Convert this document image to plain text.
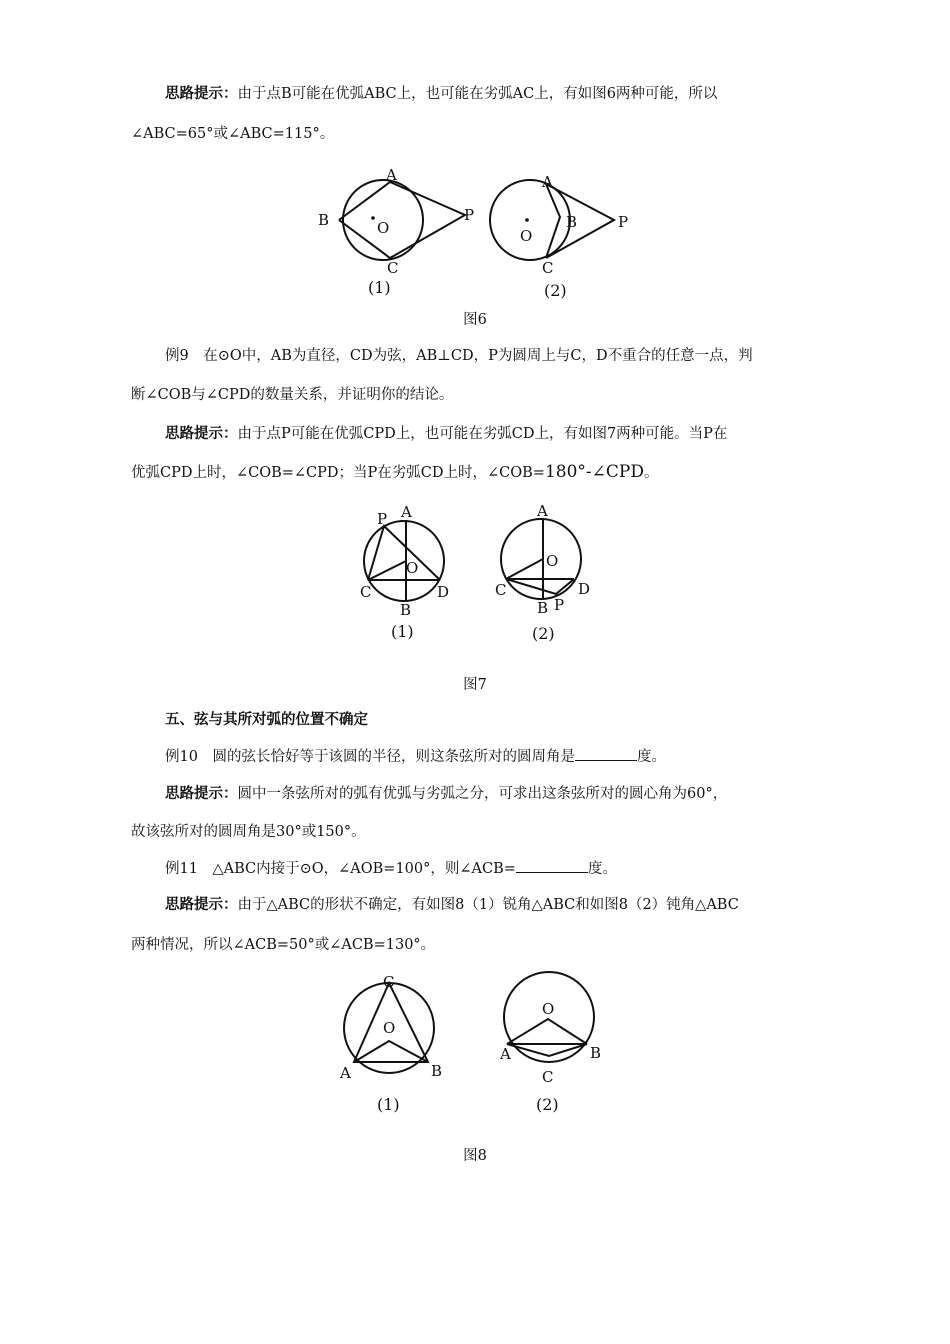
思路提示：由于点B可能在优弧ABC上，也可能在劣弧AC上，有如图6两种可能，所以
∠ABC=65°或∠ABC=115°。
A
B
C
P
O
(1)
A
B
C
P
O
(2)
图6
例9　在⊙O中，AB为直径，CD为弦，AB⊥CD，P为圆周上与C，D不重合的任意一点，判
断∠COB与∠CPD的数量关系，并证明你的结论。
思路提示：由于点P可能在优弧CPD上，也可能在劣弧CD上，有如图7两种可能。当P在
优弧CPD上时，∠COB=∠CPD；当P在劣弧CD上时，∠COB=180°-∠CPD。
P A
O
C	D
B
(1)
A
O
C	D
B P
(2)
图7
五、弦与其所对弧的位置不确定
例10　圆的弦长恰好等于该圆的半径，则这条弦所对的圆周角是	度。
思路提示：圆中一条弦所对的弧有优弧与劣弧之分，可求出这条弦所对的圆心角为60°，
故该弦所对的圆周角是30°或150°。
例11　△ABC内接于⊙O，∠AOB=100°，则∠ACB=	度。
思路提示：由于△ABC的形状不确定，有如图8（1）锐角△ABC和如图8（2）钝角△ABC
两种情况，所以∠ACB=50°或∠ACB=130°。
C
O
A	B
(1)
O
A	B
C
(2)
图8
